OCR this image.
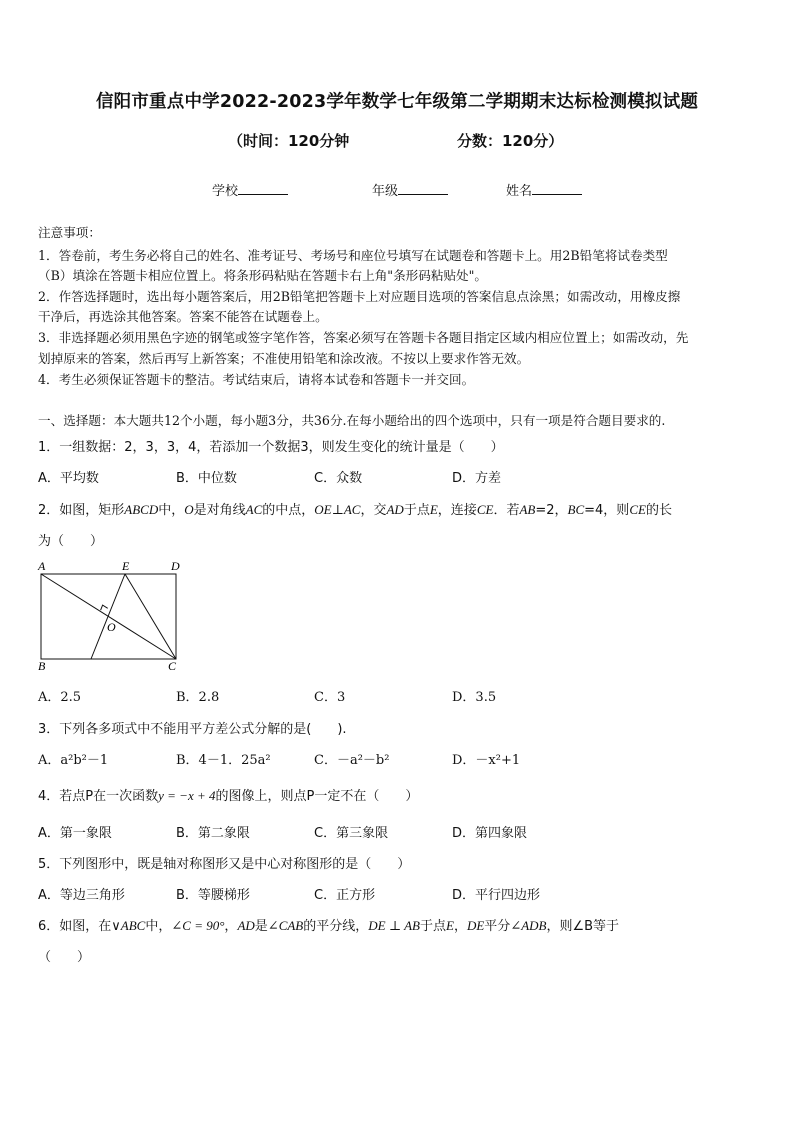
信阳市重点中学2022-2023学年数学七年级第二学期期末达标检测模拟试题
（时间：120分钟	分数：120分）
学校	年级	姓名
注意事项：
1．答卷前，考生务必将自己的姓名、准考证号、考场号和座位号填写在试题卷和答题卡上。用2B铅笔将试卷类型
（B）填涂在答题卡相应位置上。将条形码粘贴在答题卡右上角"条形码粘贴处"。
2．作答选择题时，选出每小题答案后，用2B铅笔把答题卡上对应题目选项的答案信息点涂黑；如需改动，用橡皮擦
干净后，再选涂其他答案。答案不能答在试题卷上。
3．非选择题必须用黑色字迹的钢笔或签字笔作答，答案必须写在答题卡各题目指定区域内相应位置上；如需改动，先
划掉原来的答案，然后再写上新答案；不准使用铅笔和涂改液。不按以上要求作答无效。
4．考生必须保证答题卡的整洁。考试结束后，请将本试卷和答题卡一并交回。
一、选择题：本大题共12个小题，每小题3分，共36分.在每小题给出的四个选项中，只有一项是符合题目要求的.
1．一组数据：2，3，3，4，若添加一个数据3，则发生变化的统计量是（　　）
A．平均数	B．中位数	C．众数	D．方差
2．如图，矩形ABCD中，O是对角线AC的中点，OE⊥AC，交AD于点E，连接CE．若AB=2，BC=4，则CE的长
为（　　）
A	E	D
O
B	C
A．2.5	B．2.8	C．3	D．3.5
3．下列各多项式中不能用平方差公式分解的是(　　).
A．a²b²－1	B．4－1．25a²	C．－a²－b²	D．－x²+1
4．若点P在一次函数y = −x + 4的图像上，则点P一定不在（　　）
A．第一象限	B．第二象限	C．第三象限	D．第四象限
5．下列图形中，既是轴对称图形又是中心对称图形的是（　　）
A．等边三角形	B．等腰梯形	C．正方形	D．平行四边形
6．如图，在∨ABC中，∠C = 90°，AD是∠CAB的平分线，DE ⊥ AB于点E，DE平分∠ADB，则∠B等于
（　　）
